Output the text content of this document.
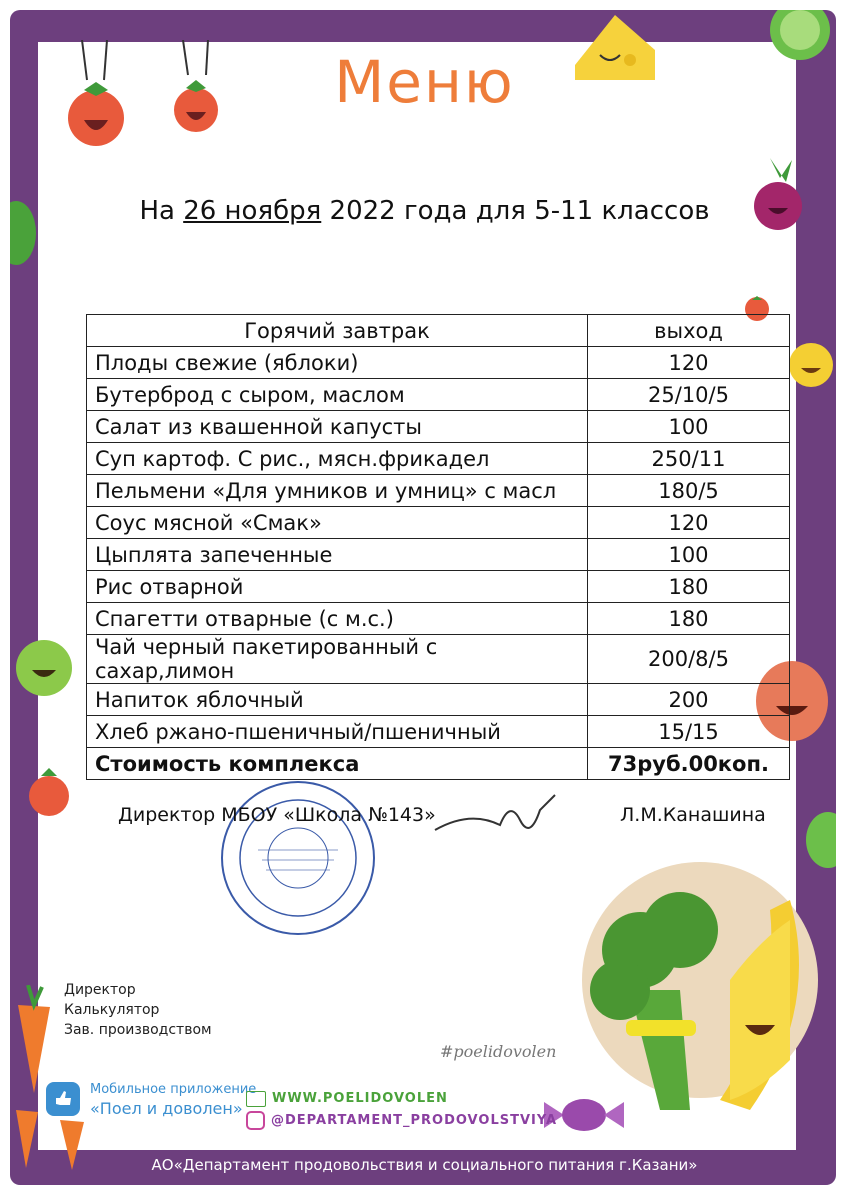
Меню
На 26 ноября 2022 года для 5-11 классов
Горячий завтрак	выход
Плоды свежие (яблоки)	120
Бутерброд с сыром, маслом	25/10/5
Салат из квашенной капусты	100
Суп картоф. С рис., мясн.фрикадел	250/11
Пельмени «Для умников и умниц» с масл	180/5
Соус мясной «Смак»	120
Цыплята запеченные	100
Рис отварной	180
Спагетти отварные (с м.с.)	180
Чай черный пакетированный с сахар,лимон	200/8/5
Напиток яблочный	200
Хлеб ржано-пшеничный/пшеничный	15/15
Стоимость комплекса	73руб.00коп.
Директор МБОУ «Школа №143»	Л.М.Канашина
Директор
Калькулятор
Зав. производством
#poelidovolen
Мобильное приложение
«Поел и доволен»
WWW.POELIDOVOLEN
@DEPARTAMENT_PRODOVOLSTVIYA
АО«Департамент продовольствия и социального питания г.Казани»
